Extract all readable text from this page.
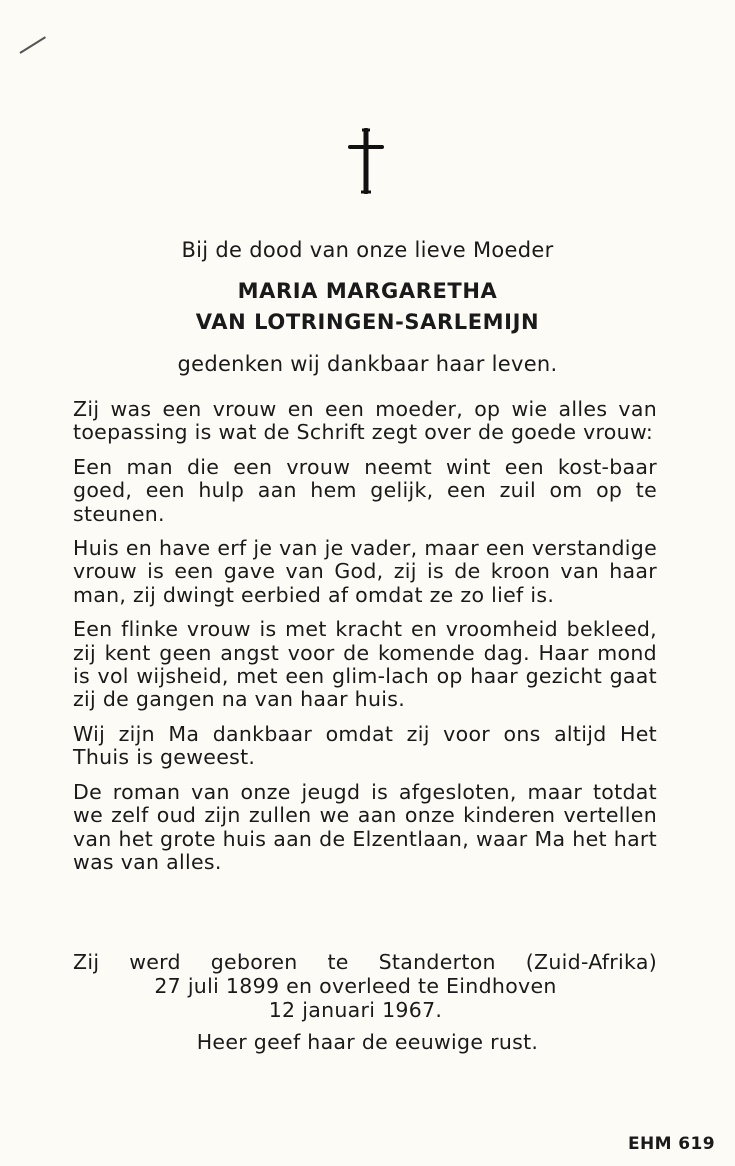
Bij de dood van onze lieve Moeder
MARIA MARGARETHA
VAN LOTRINGEN-SARLEMIJN
gedenken wij dankbaar haar leven.

Zij was een vrouw en een moeder, op wie alles van toepassing is wat de Schrift zegt over de goede vrouw:

Een man die een vrouw neemt wint een kost-baar goed, een hulp aan hem gelijk, een zuil om op te steunen.

Huis en have erf je van je vader, maar een verstandige vrouw is een gave van God, zij is de kroon van haar man, zij dwingt eerbied af omdat ze zo lief is.

Een flinke vrouw is met kracht en vroomheid bekleed, zij kent geen angst voor de komende dag. Haar mond is vol wijsheid, met een glim-lach op haar gezicht gaat zij de gangen na van haar huis.

Wij zijn Ma dankbaar omdat zij voor ons altijd Het Thuis is geweest.

De roman van onze jeugd is afgesloten, maar totdat we zelf oud zijn zullen we aan onze kinderen vertellen van het grote huis aan de Elzentlaan, waar Ma het hart was van alles.

Zij werd geboren te Standerton (Zuid-Afrika)
27 juli 1899 en overleed te Eindhoven
12 januari 1967.
Heer geef haar de eeuwige rust.
EHM 619
